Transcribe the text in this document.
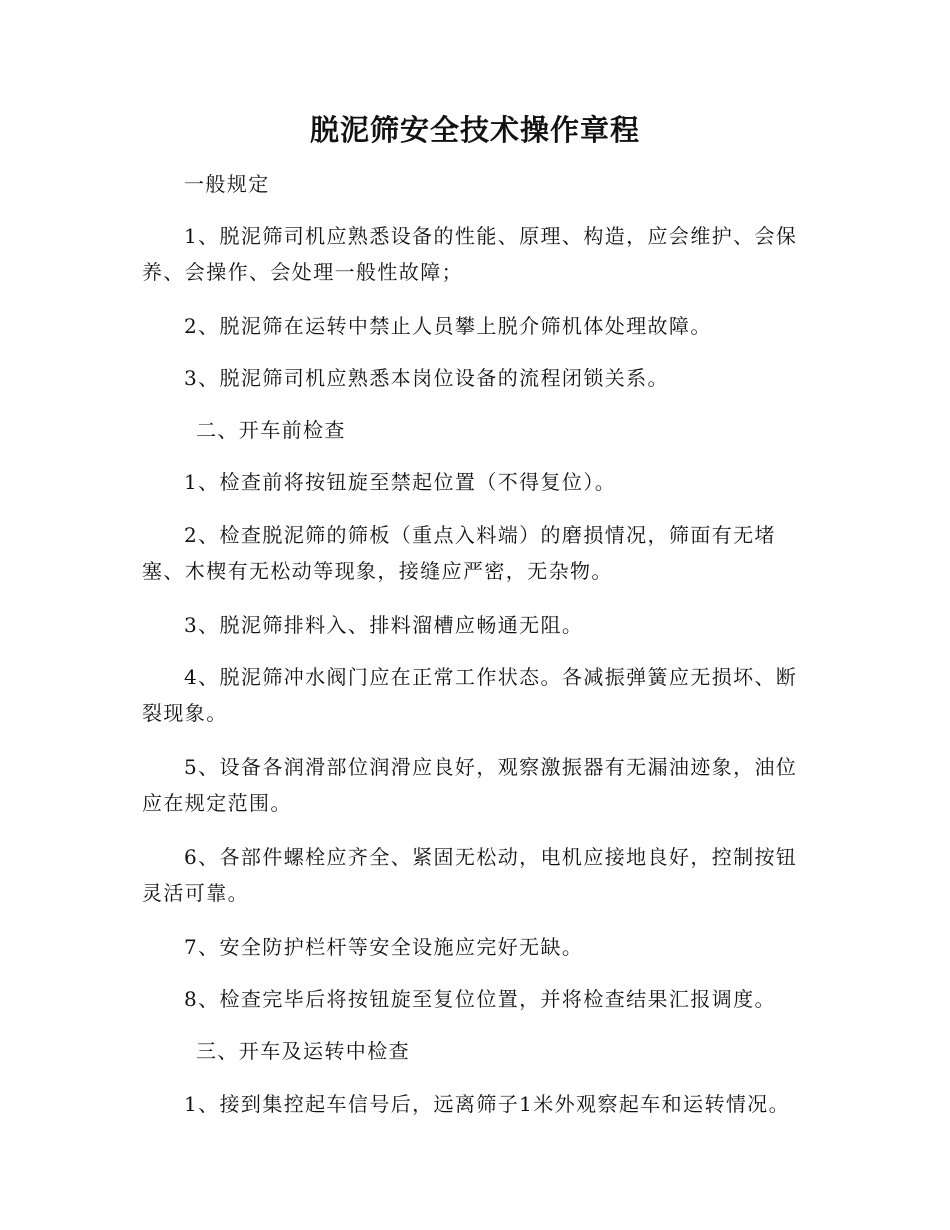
脱泥筛安全技术操作章程

一般规定

1、脱泥筛司机应熟悉设备的性能、原理、构造，应会维护、会保养、会操作、会处理一般性故障；

2、脱泥筛在运转中禁止人员攀上脱介筛机体处理故障。

3、脱泥筛司机应熟悉本岗位设备的流程闭锁关系。

二、开车前检查

1、检查前将按钮旋至禁起位置（不得复位）。

2、检查脱泥筛的筛板（重点入料端）的磨损情况，筛面有无堵塞、木楔有无松动等现象，接缝应严密，无杂物。

3、脱泥筛排料入、排料溜槽应畅通无阻。

4、脱泥筛冲水阀门应在正常工作状态。各减振弹簧应无损坏、断裂现象。

5、设备各润滑部位润滑应良好，观察激振器有无漏油迹象，油位应在规定范围。

6、各部件螺栓应齐全、紧固无松动，电机应接地良好，控制按钮灵活可靠。

7、安全防护栏杆等安全设施应完好无缺。

8、检查完毕后将按钮旋至复位位置，并将检查结果汇报调度。

三、开车及运转中检查

1、接到集控起车信号后，远离筛子1米外观察起车和运转情况。
